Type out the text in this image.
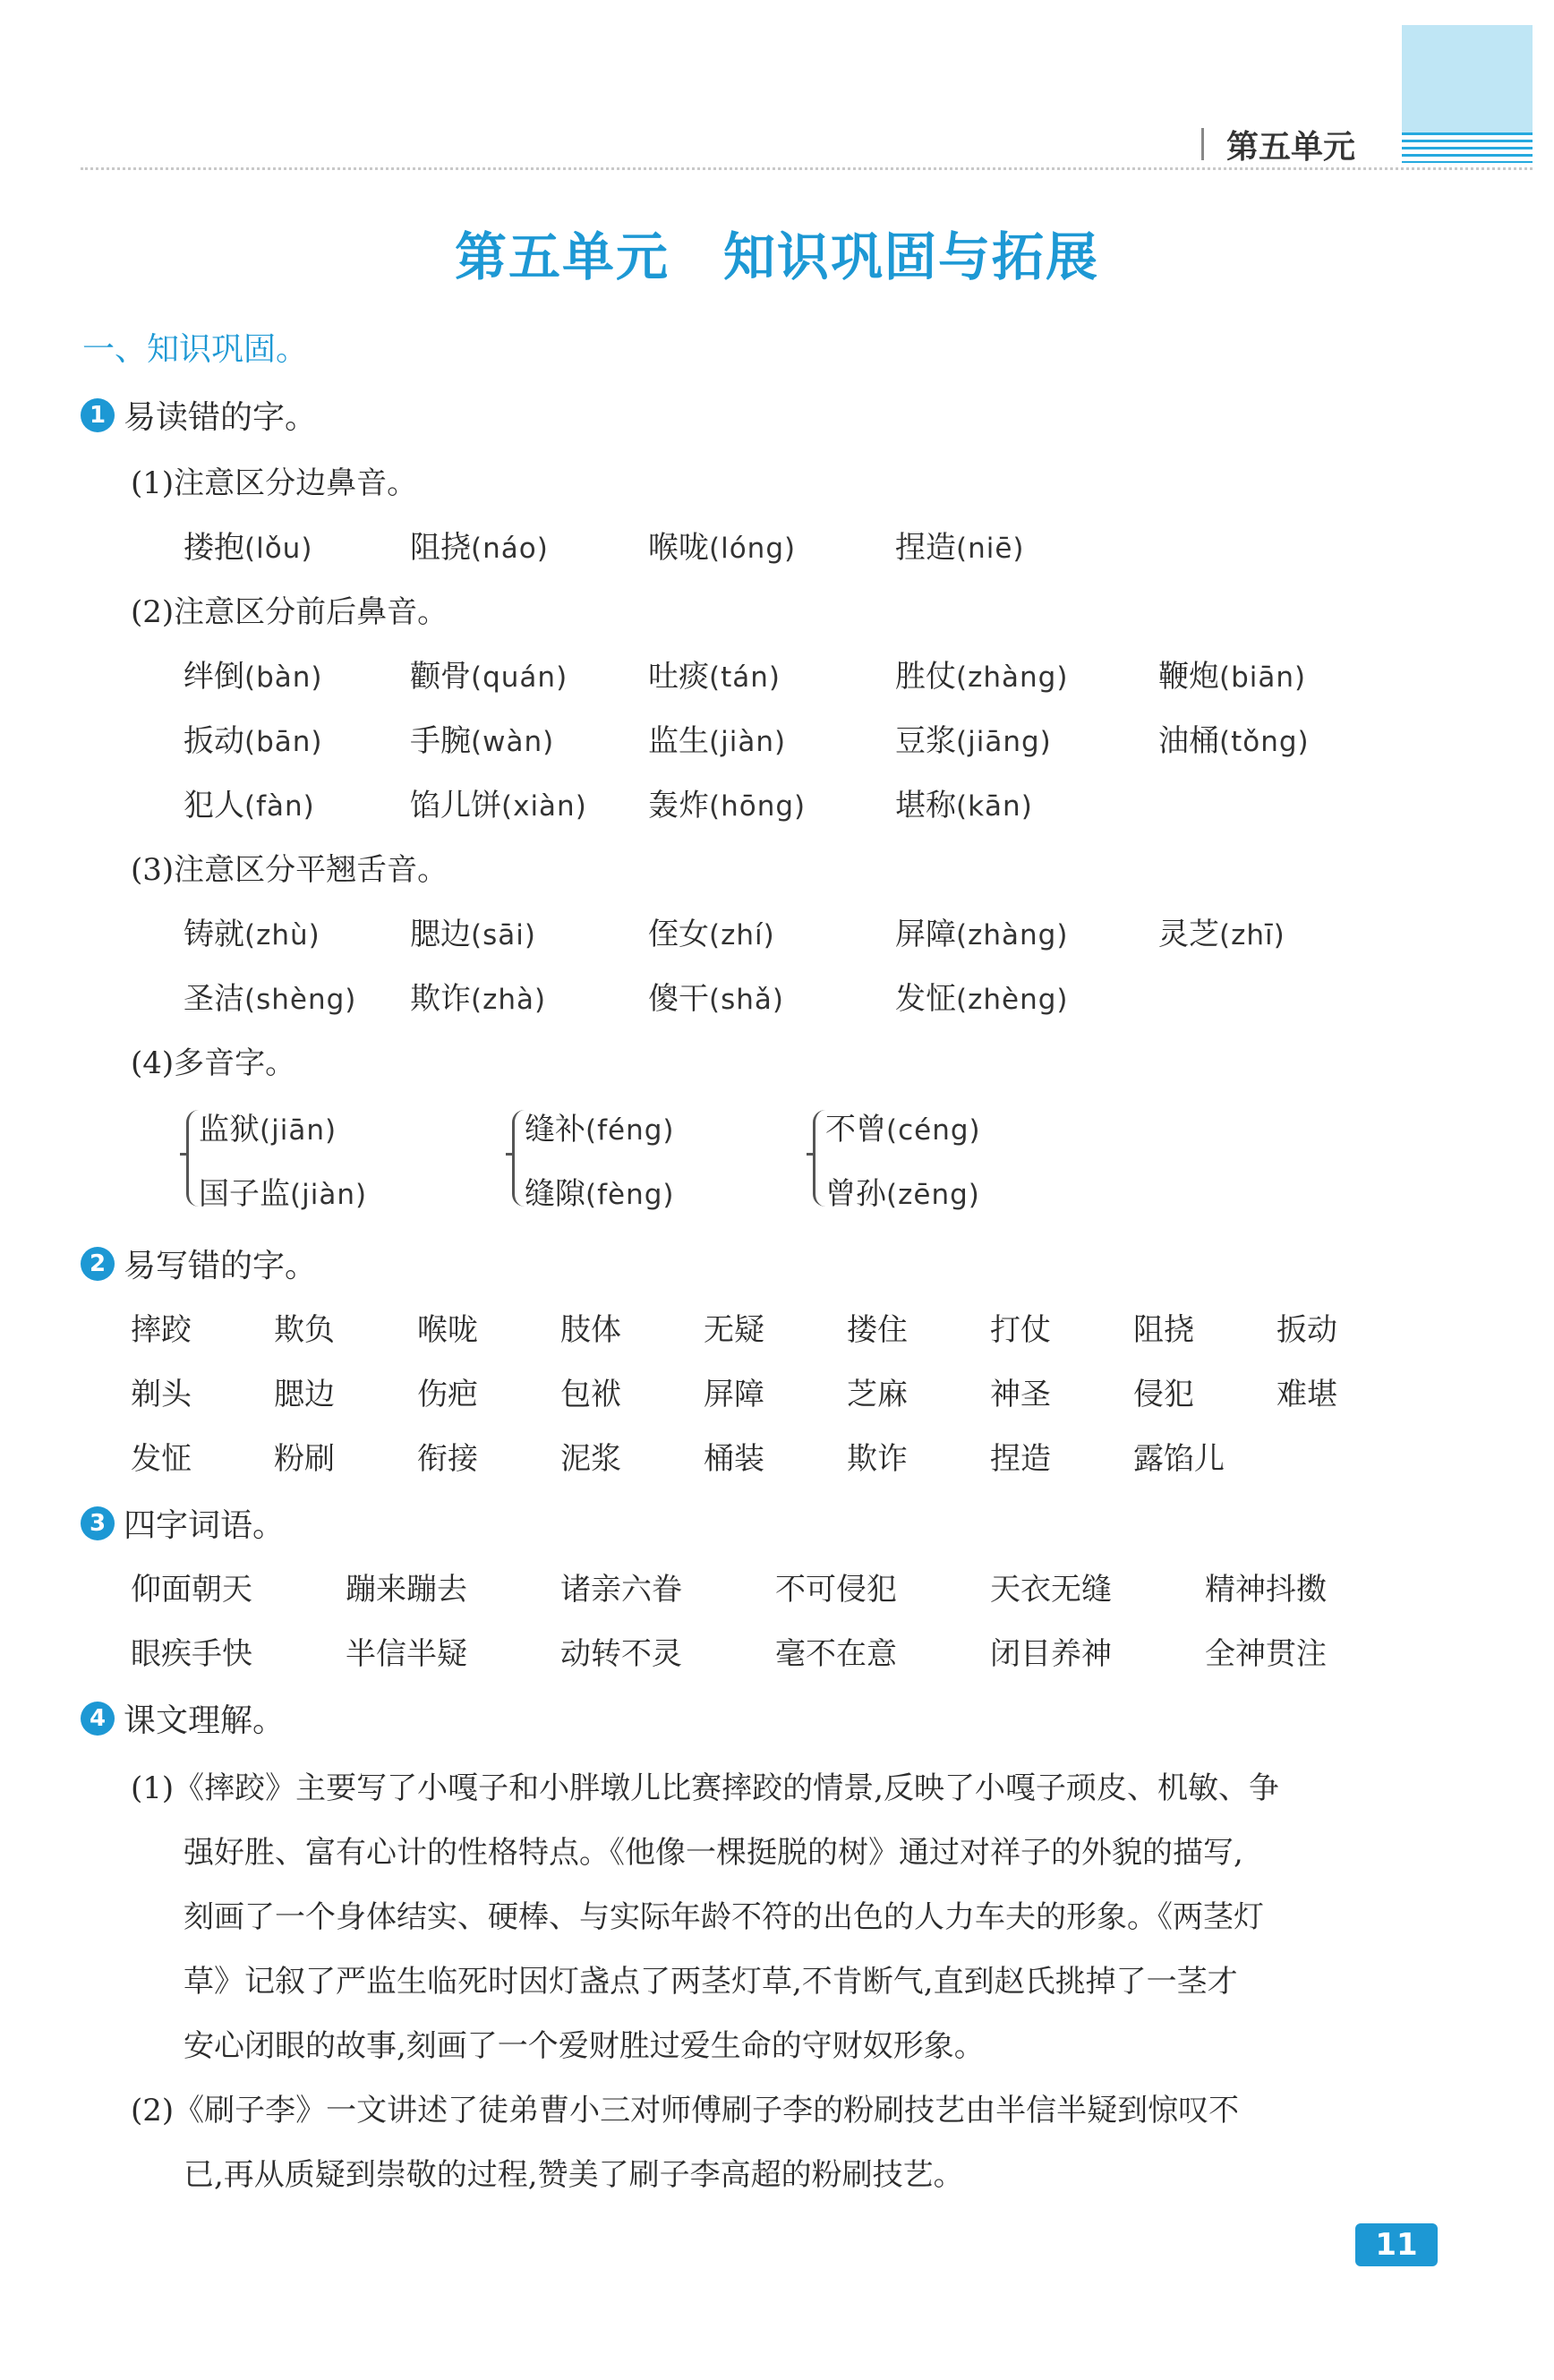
第五单元
第五单元 知识巩固与拓展
一、知识巩固。
1 易读错的字。
(1)注意区分边鼻音。
搂抱(lǒu)	阻挠(náo)	喉咙(lóng)	捏造(niē)
(2)注意区分前后鼻音。
绊倒(bàn)	颧骨(quán)	吐痰(tán)	胜仗(zhàng)	鞭炮(biān)
扳动(bān)	手腕(wàn)	监生(jiàn)	豆浆(jiāng)	油桶(tǒng)
犯人(fàn)	馅儿饼(xiàn) 轰炸(hōng)	堪称(kān)
(3)注意区分平翘舌音。
铸就(zhù)	腮边(sāi)	侄女(zhí)	屏障(zhàng)	灵芝(zhī)
圣洁(shèng) 欺诈(zhà)	傻干(shǎ)	发怔(zhèng)
(4)多音字。
监狱(jiān)
国子监(jiàn)
缝补(féng)
缝隙(fèng)
不曾(céng)
曾孙(zēng)
2 易写错的字。
摔跤	欺负	喉咙	肢体	无疑	搂住	打仗	阻挠	扳动
剃头	腮边	伤疤	包袱	屏障	芝麻	神圣	侵犯	难堪
发怔	粉刷	衔接	泥浆	桶装	欺诈	捏造	露馅儿
3 四字词语。
仰面朝天	蹦来蹦去	诸亲六眷	不可侵犯	天衣无缝	精神抖擞
眼疾手快	半信半疑	动转不灵	毫不在意	闭目养神	全神贯注
4 课文理解。
(1)《摔跤》主要写了小嘎子和小胖墩儿比赛摔跤的情景,反映了小嘎子顽皮、机敏、争
强好胜、富有心计的性格特点。《他像一棵挺脱的树》通过对祥子的外貌的描写,
刻画了一个身体结实、硬棒、与实际年龄不符的出色的人力车夫的形象。《两茎灯
草》记叙了严监生临死时因灯盏点了两茎灯草,不肯断气,直到赵氏挑掉了一茎才
安心闭眼的故事,刻画了一个爱财胜过爱生命的守财奴形象。
(2)《刷子李》一文讲述了徒弟曹小三对师傅刷子李的粉刷技艺由半信半疑到惊叹不
已,再从质疑到崇敬的过程,赞美了刷子李高超的粉刷技艺。
11
